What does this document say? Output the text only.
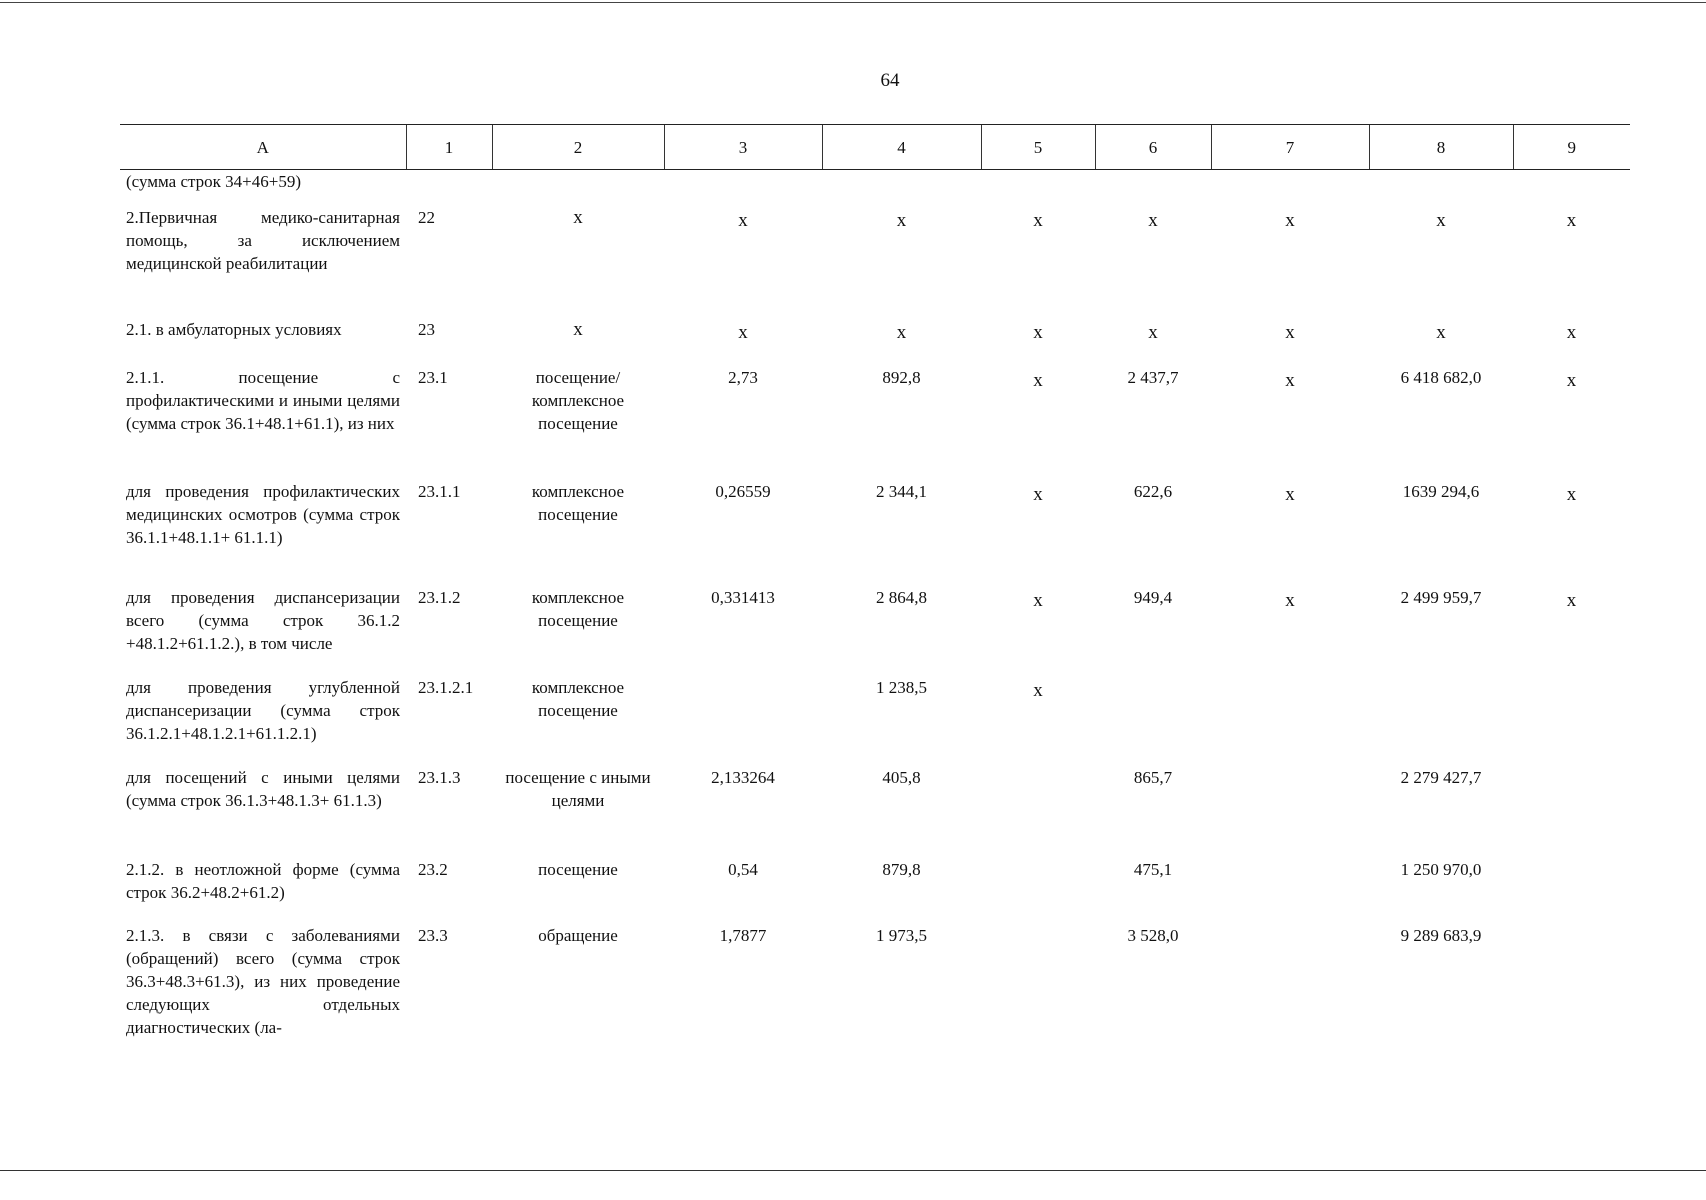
64
А	1	2	3	4	5	6	7	8	9
(сумма строк 34+46+59)									
2.Первичная медико-санитарная помощь, за исключением медицинской реабилитации	22	х	х	х	х	х	х	х	х
2.1. в амбулаторных условиях	23	х	х	х	х	х	х	х	х
2.1.1. посещение с профилактическими и иными целями (сумма строк 36.1+48.1+61.1), из них	23.1	посещение/ комплексное посещение	2,73	892,8	х	2 437,7	х	6 418 682,0	х
для проведения профилактических медицинских осмотров (сумма строк 36.1.1+48.1.1+ 61.1.1)	23.1.1	комплексное посещение	0,26559	2 344,1	х	622,6	х	1639 294,6	х
для проведения диспансеризации всего (сумма строк 36.1.2 +48.1.2+61.1.2.), в том числе	23.1.2	комплексное посещение	0,331413	2 864,8	х	949,4	х	2 499 959,7	х
для проведения углубленной диспансеризации (сумма строк 36.1.2.1+48.1.2.1+61.1.2.1)	23.1.2.1	комплексное посещение		1 238,5	х				
для посещений с иными целями (сумма строк 36.1.3+48.1.3+ 61.1.3)	23.1.3	посещение с иными целями	2,133264	405,8		865,7		2 279 427,7	
2.1.2. в неотложной форме (сумма строк 36.2+48.2+61.2)	23.2	посещение	0,54	879,8		475,1		1 250 970,0	
2.1.3. в связи с заболеваниями (обращений) всего (сумма строк 36.3+48.3+61.3), из них проведение следующих отдельных диагностических (ла-	23.3	обращение	1,7877	1 973,5		3 528,0		9 289 683,9	
